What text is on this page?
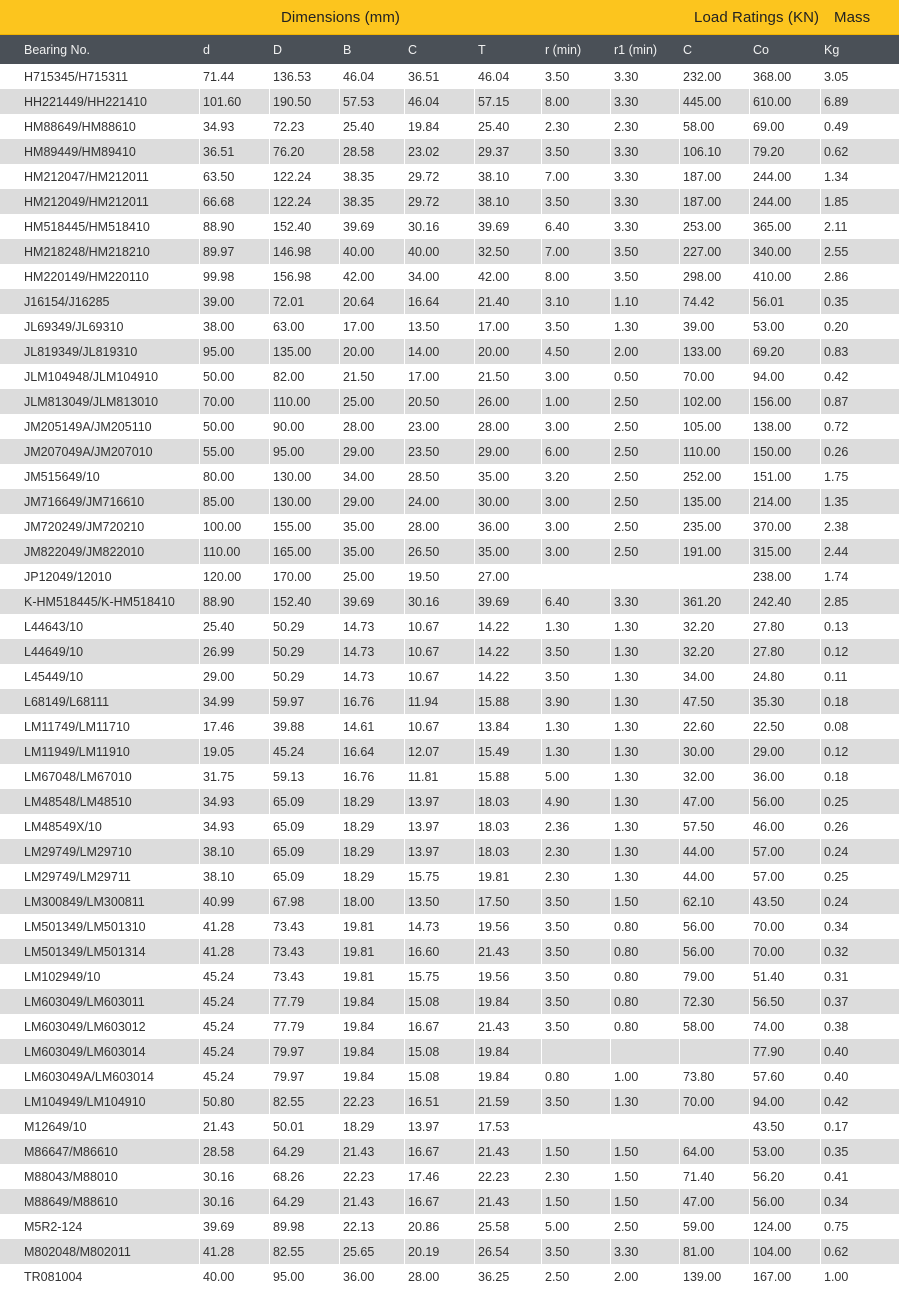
Dimensions (mm)	Load Ratings (KN) Mass
Bearing No.	d	D	B	C	T	r (min)	r1 (min)	C	Co	Kg
H715345/H715311	71.44	136.53	46.04	36.51	46.04	3.50	3.30	232.00	368.00	3.05
HH221449/HH221410	101.60	190.50	57.53	46.04	57.15	8.00	3.30	445.00	610.00	6.89
HM88649/HM88610	34.93	72.23	25.40	19.84	25.40	2.30	2.30	58.00	69.00	0.49
HM89449/HM89410	36.51	76.20	28.58	23.02	29.37	3.50	3.30	106.10	79.20	0.62
HM212047/HM212011	63.50	122.24	38.35	29.72	38.10	7.00	3.30	187.00	244.00	1.34
HM212049/HM212011	66.68	122.24	38.35	29.72	38.10	3.50	3.30	187.00	244.00	1.85
HM518445/HM518410	88.90	152.40	39.69	30.16	39.69	6.40	3.30	253.00	365.00	2.11
HM218248/HM218210	89.97	146.98	40.00	40.00	32.50	7.00	3.50	227.00	340.00	2.55
HM220149/HM220110	99.98	156.98	42.00	34.00	42.00	8.00	3.50	298.00	410.00	2.86
J16154/J16285	39.00	72.01	20.64	16.64	21.40	3.10	1.10	74.42	56.01	0.35
JL69349/JL69310	38.00	63.00	17.00	13.50	17.00	3.50	1.30	39.00	53.00	0.20
JL819349/JL819310	95.00	135.00	20.00	14.00	20.00	4.50	2.00	133.00	69.20	0.83
JLM104948/JLM104910	50.00	82.00	21.50	17.00	21.50	3.00	0.50	70.00	94.00	0.42
JLM813049/JLM813010	70.00	110.00	25.00	20.50	26.00	1.00	2.50	102.00	156.00	0.87
JM205149A/JM205110	50.00	90.00	28.00	23.00	28.00	3.00	2.50	105.00	138.00	0.72
JM207049A/JM207010	55.00	95.00	29.00	23.50	29.00	6.00	2.50	110.00	150.00	0.26
JM515649/10	80.00	130.00	34.00	28.50	35.00	3.20	2.50	252.00	151.00	1.75
JM716649/JM716610	85.00	130.00	29.00	24.00	30.00	3.00	2.50	135.00	214.00	1.35
JM720249/JM720210	100.00	155.00	35.00	28.00	36.00	3.00	2.50	235.00	370.00	2.38
JM822049/JM822010	110.00	165.00	35.00	26.50	35.00	3.00	2.50	191.00	315.00	2.44
JP12049/12010	120.00	170.00	25.00	19.50	27.00				238.00	1.74
K-HM518445/K-HM518410	88.90	152.40	39.69	30.16	39.69	6.40	3.30	361.20	242.40	2.85
L44643/10	25.40	50.29	14.73	10.67	14.22	1.30	1.30	32.20	27.80	0.13
L44649/10	26.99	50.29	14.73	10.67	14.22	3.50	1.30	32.20	27.80	0.12
L45449/10	29.00	50.29	14.73	10.67	14.22	3.50	1.30	34.00	24.80	0.11
L68149/L68111	34.99	59.97	16.76	11.94	15.88	3.90	1.30	47.50	35.30	0.18
LM11749/LM11710	17.46	39.88	14.61	10.67	13.84	1.30	1.30	22.60	22.50	0.08
LM11949/LM11910	19.05	45.24	16.64	12.07	15.49	1.30	1.30	30.00	29.00	0.12
LM67048/LM67010	31.75	59.13	16.76	11.81	15.88	5.00	1.30	32.00	36.00	0.18
LM48548/LM48510	34.93	65.09	18.29	13.97	18.03	4.90	1.30	47.00	56.00	0.25
LM48549X/10	34.93	65.09	18.29	13.97	18.03	2.36	1.30	57.50	46.00	0.26
LM29749/LM29710	38.10	65.09	18.29	13.97	18.03	2.30	1.30	44.00	57.00	0.24
LM29749/LM29711	38.10	65.09	18.29	15.75	19.81	2.30	1.30	44.00	57.00	0.25
LM300849/LM300811	40.99	67.98	18.00	13.50	17.50	3.50	1.50	62.10	43.50	0.24
LM501349/LM501310	41.28	73.43	19.81	14.73	19.56	3.50	0.80	56.00	70.00	0.34
LM501349/LM501314	41.28	73.43	19.81	16.60	21.43	3.50	0.80	56.00	70.00	0.32
LM102949/10	45.24	73.43	19.81	15.75	19.56	3.50	0.80	79.00	51.40	0.31
LM603049/LM603011	45.24	77.79	19.84	15.08	19.84	3.50	0.80	72.30	56.50	0.37
LM603049/LM603012	45.24	77.79	19.84	16.67	21.43	3.50	0.80	58.00	74.00	0.38
LM603049/LM603014	45.24	79.97	19.84	15.08	19.84				77.90	0.40
LM603049A/LM603014	45.24	79.97	19.84	15.08	19.84	0.80	1.00	73.80	57.60	0.40
LM104949/LM104910	50.80	82.55	22.23	16.51	21.59	3.50	1.30	70.00	94.00	0.42
M12649/10	21.43	50.01	18.29	13.97	17.53				43.50	0.17
M86647/M86610	28.58	64.29	21.43	16.67	21.43	1.50	1.50	64.00	53.00	0.35
M88043/M88010	30.16	68.26	22.23	17.46	22.23	2.30	1.50	71.40	56.20	0.41
M88649/M88610	30.16	64.29	21.43	16.67	21.43	1.50	1.50	47.00	56.00	0.34
M5R2-124	39.69	89.98	22.13	20.86	25.58	5.00	2.50	59.00	124.00	0.75
M802048/M802011	41.28	82.55	25.65	20.19	26.54	3.50	3.30	81.00	104.00	0.62
TR081004	40.00	95.00	36.00	28.00	36.25	2.50	2.00	139.00	167.00	1.00
